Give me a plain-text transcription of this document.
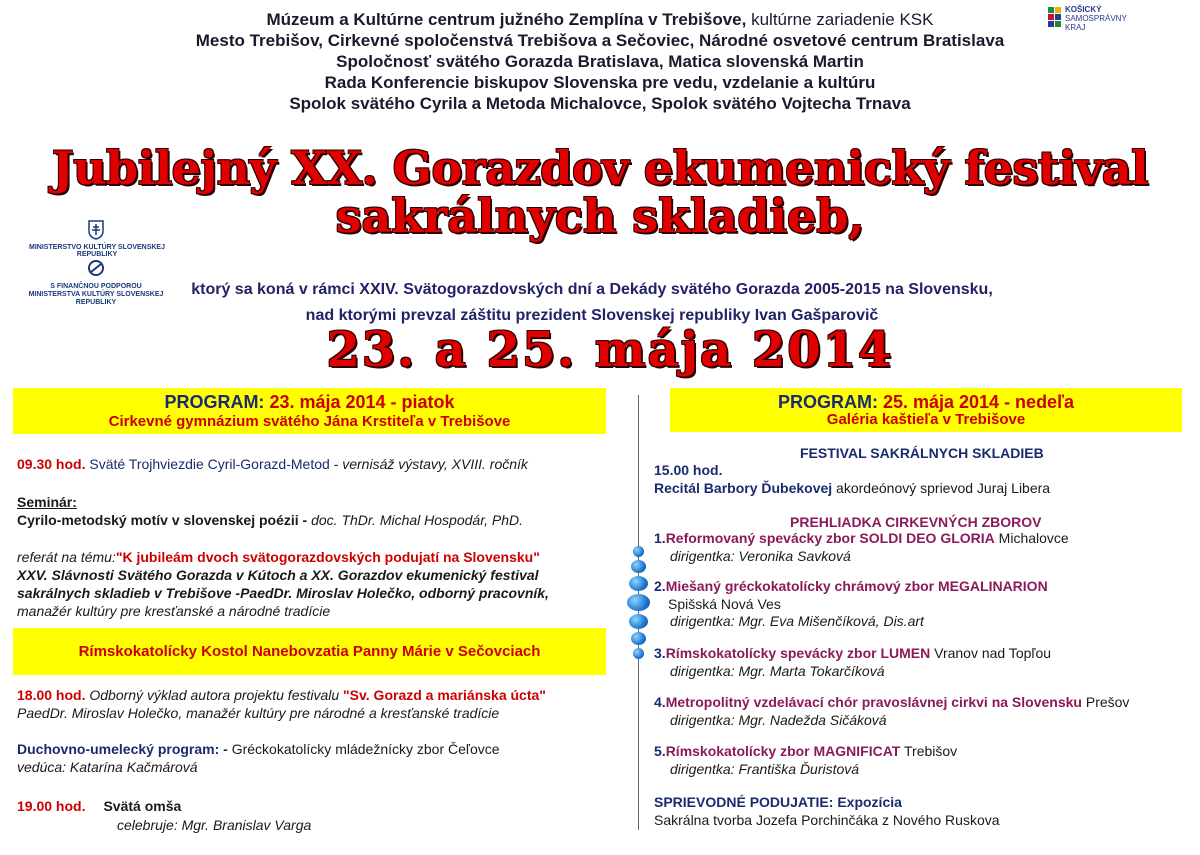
Múzeum a Kultúrne centrum južného Zemplína v Trebišove, kultúrne zariadenie KSK
Mesto Trebišov, Cirkevné spoločenstvá Trebišova a Sečoviec, Národné osvetové centrum Bratislava
Spoločnosť svätého Gorazda Bratislava, Matica slovenská Martin
Rada Konferencie biskupov Slovenska pre vedu, vzdelanie a kultúru
Spolok svätého Cyrila a Metoda Michalovce, Spolok svätého Vojtecha Trnava
KOŠICKÝ
SAMOSPRÁVNY
KRAJ
Jubilejný XX. Gorazdov ekumenický festival
sakrálnych skladieb,
MINISTERSTVO KULTÚRY SLOVENSKEJ REPUBLIKY
S FINANČNOU PODPOROU
MINISTERSTVA KULTÚRY SLOVENSKEJ REPUBLIKY
ktorý sa koná v rámci XXIV. Svätogorazdovských dní a Dekády svätého Gorazda 2005-2015 na Slovensku,
nad ktorými prevzal záštitu prezident Slovenskej republiky Ivan Gašparovič
23. a 25. mája 2014
PROGRAM: 23. mája 2014 - piatok
Cirkevné gymnázium svätého Jána Krstiteľa v Trebišove
09.30 hod. Sväté Trojhviezdie Cyril-Gorazd-Metod - vernisáž výstavy, XVIII. ročník
Seminár:
Cyrilo-metodský motív v slovenskej poézii - doc. ThDr. Michal Hospodár, PhD.
referát na tému:"K jubileám dvoch svätogorazdovských podujatí na Slovensku"
XXV. Slávnosti Svätého Gorazda v Kútoch a XX. Gorazdov ekumenický festival
sakrálnych skladieb v Trebišove -PaedDr. Miroslav Holečko, odborný pracovník,
manažér kultúry pre kresťanské a národné tradície
Rímskokatolícky Kostol Nanebovzatia Panny Márie v Sečovciach
18.00 hod. Odborný výklad autora projektu festivalu "Sv. Gorazd a mariánska úcta"
PaedDr. Miroslav Holečko, manažér kultúry pre národné a kresťanské tradície
Duchovno-umelecký program: - Gréckokatolícky mládežnícky zbor Čeľovce
vedúca: Katarína Kačmárová
19.00 hod. Svätá omša
celebruje: Mgr. Branislav Varga
PROGRAM: 25. mája 2014 - nedeľa
Galéria kaštieľa v Trebišove
FESTIVAL SAKRÁLNYCH SKLADIEB
15.00 hod.
Recitál Barbory Ďubekovej akordeónový sprievod Juraj Libera
PREHLIADKA CIRKEVNÝCH ZBOROV
1.Reformovaný spevácky zbor SOLDI DEO GLORIA Michalovce
dirigentka: Veronika Savková
2.Miešaný gréckokatolícky chrámový zbor MEGALINARION
Spišská Nová Ves
dirigentka: Mgr. Eva Mišenčíková, Dis.art
3.Rímskokatolícky spevácky zbor LUMEN Vranov nad Topľou
dirigentka: Mgr. Marta Tokarčíková
4.Metropolitný vzdelávací chór pravoslávnej cirkvi na Slovensku Prešov
dirigentka: Mgr. Nadežda Sičáková
5.Rímskokatolícky zbor MAGNIFICAT Trebišov
dirigentka: Františka Ďuristová
SPRIEVODNÉ PODUJATIE: Expozícia
Sakrálna tvorba Jozefa Porchinčáka z Nového Ruskova
